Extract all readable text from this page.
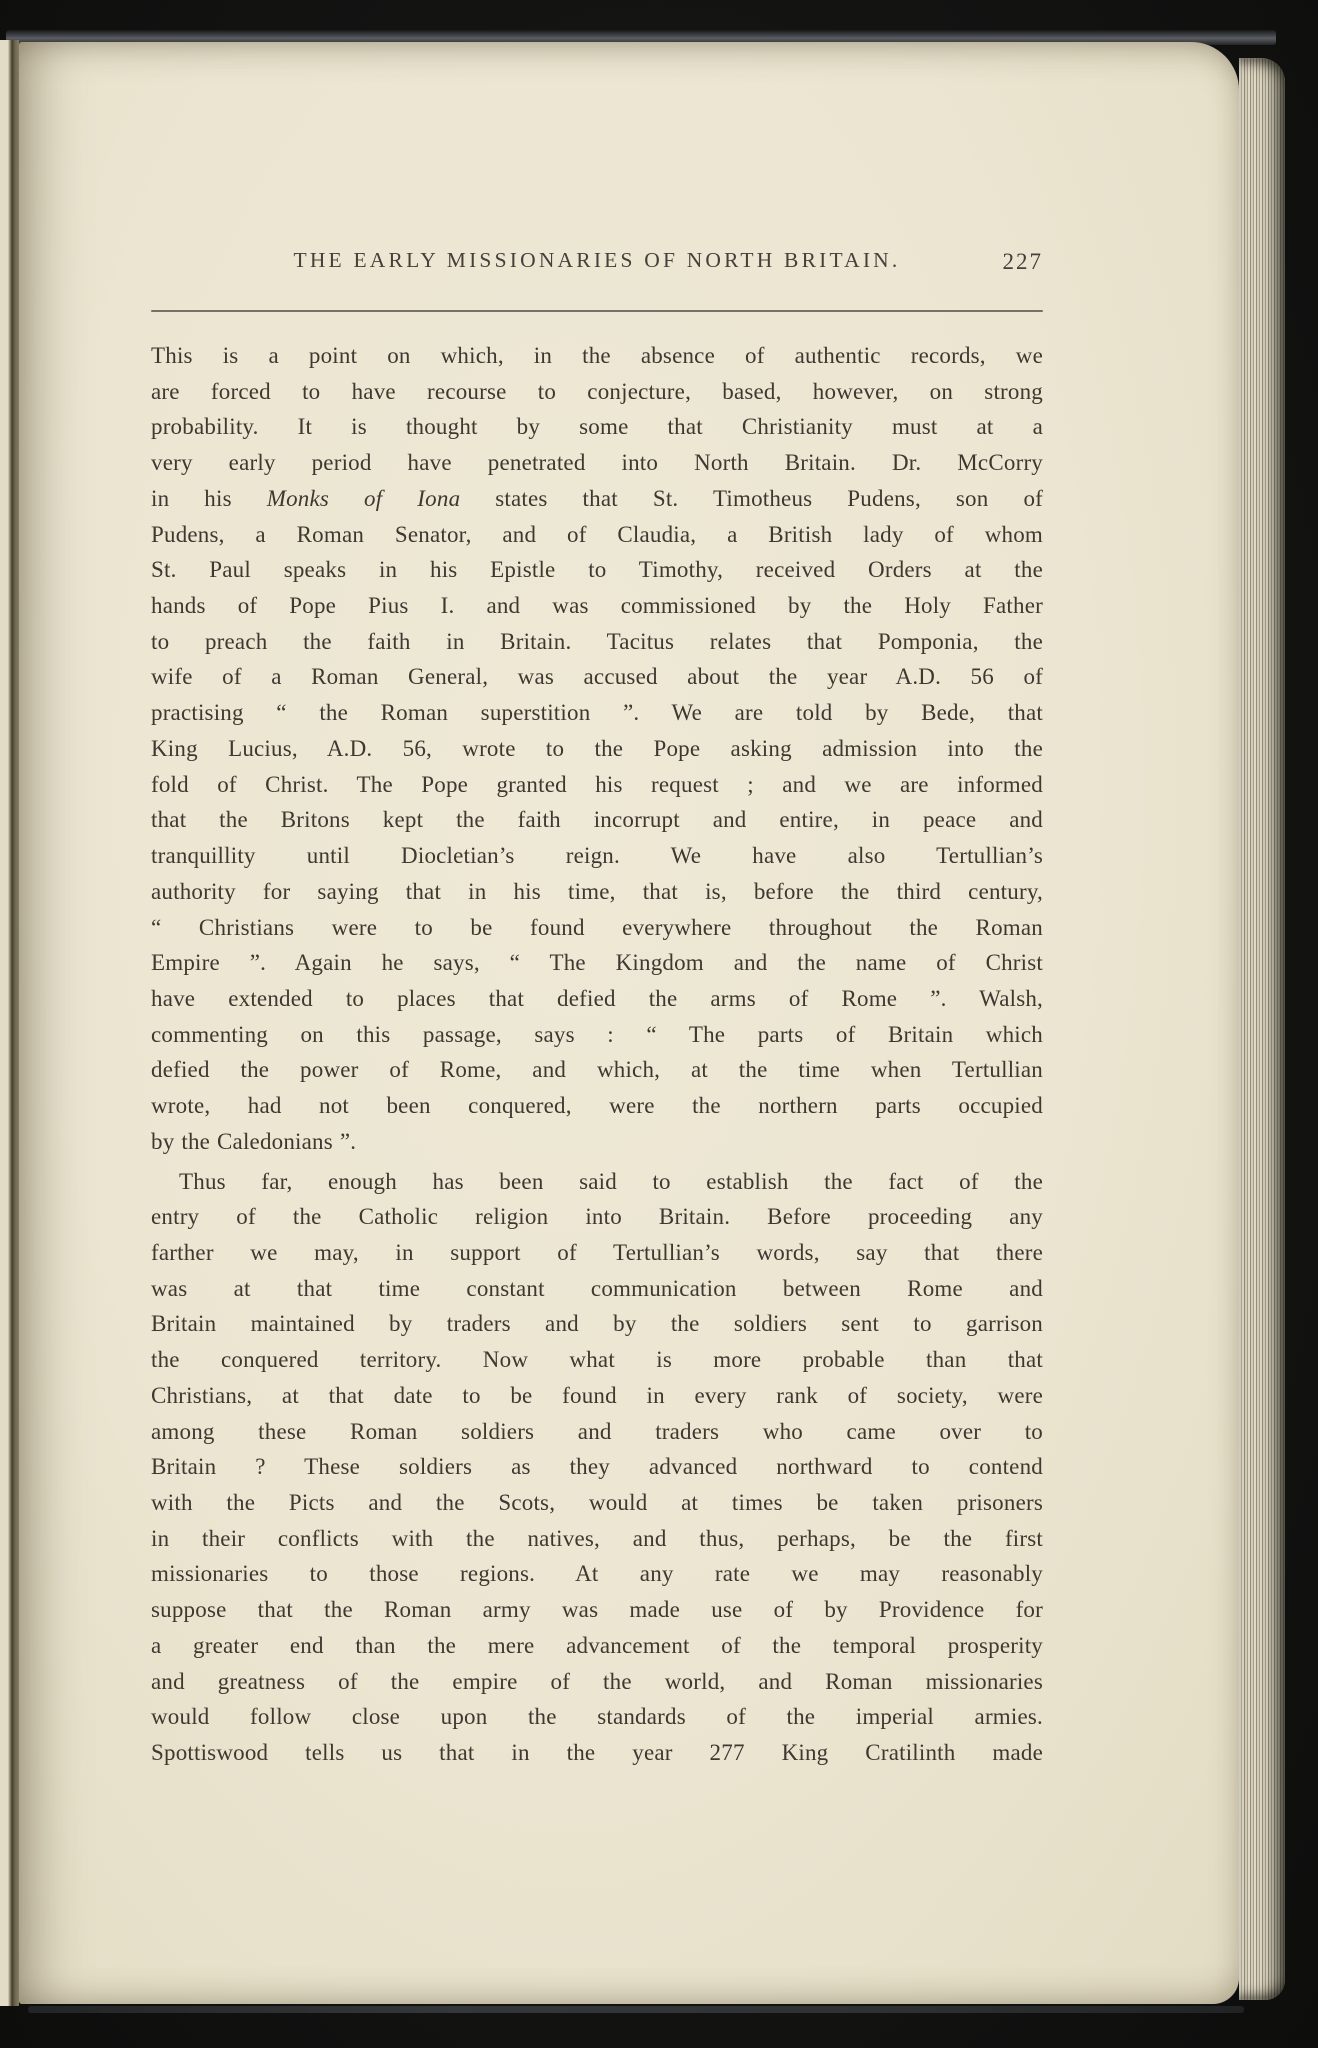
THE EARLY MISSIONARIES OF NORTH BRITAIN.	227
This is a point on which, in the absence of authentic records, we
are forced to have recourse to conjecture, based, however, on strong
probability. It is thought by some that Christianity must at a
very early period have penetrated into North Britain. Dr. McCorry
in his Monks of Iona states that St. Timotheus Pudens, son of
Pudens, a Roman Senator, and of Claudia, a British lady of whom
St. Paul speaks in his Epistle to Timothy, received Orders at the
hands of Pope Pius I. and was commissioned by the Holy Father
to preach the faith in Britain. Tacitus relates that Pomponia, the
wife of a Roman General, was accused about the year A.D. 56 of
practising “ the Roman superstition ”. We are told by Bede, that
King Lucius, A.D. 56, wrote to the Pope asking admission into the
fold of Christ. The Pope granted his request ; and we are informed
that the Britons kept the faith incorrupt and entire, in peace and
tranquillity until Diocletian’s reign. We have also Tertullian’s
authority for saying that in his time, that is, before the third century,
“ Christians were to be found everywhere throughout the Roman
Empire ”. Again he says, “ The Kingdom and the name of Christ
have extended to places that defied the arms of Rome ”. Walsh,
commenting on this passage, says : “ The parts of Britain which
defied the power of Rome, and which, at the time when Tertullian
wrote, had not been conquered, were the northern parts occupied
by the Caledonians ”.
Thus far, enough has been said to establish the fact of the
entry of the Catholic religion into Britain. Before proceeding any
farther we may, in support of Tertullian’s words, say that there
was at that time constant communication between Rome and
Britain maintained by traders and by the soldiers sent to garrison
the conquered territory. Now what is more probable than that
Christians, at that date to be found in every rank of society, were
among these Roman soldiers and traders who came over to
Britain ? These soldiers as they advanced northward to contend
with the Picts and the Scots, would at times be taken prisoners
in their conflicts with the natives, and thus, perhaps, be the first
missionaries to those regions. At any rate we may reasonably
suppose that the Roman army was made use of by Providence for
a greater end than the mere advancement of the temporal prosperity
and greatness of the empire of the world, and Roman missionaries
would follow close upon the standards of the imperial armies.
Spottiswood tells us that in the year 277 King Cratilinth made
